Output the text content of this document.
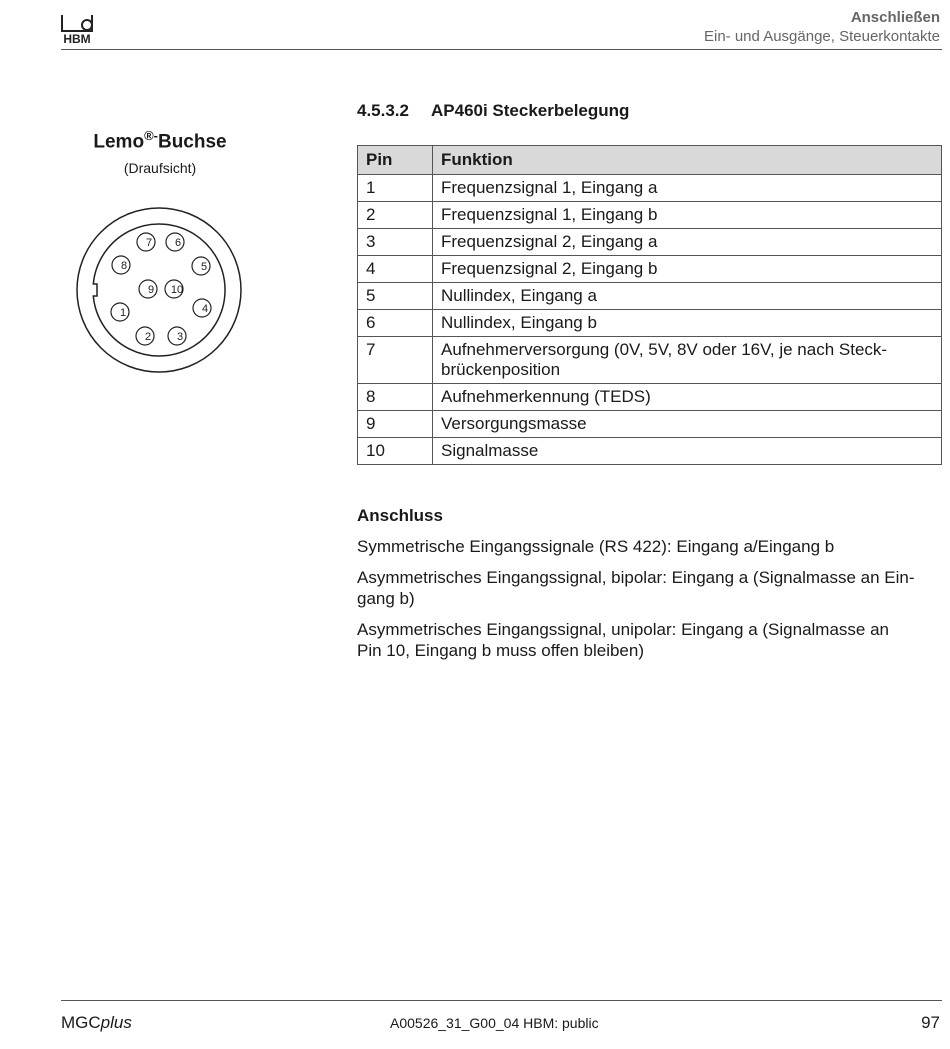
HBM
Anschließen
Ein- und Ausgänge, Steuerkontakte
Lemo®-Buchse
(Draufsicht)
1
2 3
4
5
6
7
8
9 10
4.5.3.2 AP460i Steckerbelegung
Pin	Funktion
1	Frequenzsignal 1, Eingang a
2	Frequenzsignal 1, Eingang b
3	Frequenzsignal 2, Eingang a
4	Frequenzsignal 2, Eingang b
5	Nullindex, Eingang a
6	Nullindex, Eingang b
7	Aufnehmerversorgung (0V, 5V, 8V oder 16V, je nach Steck-
brückenposition
8	Aufnehmerkennung (TEDS)
9	Versorgungsmasse
10	Signalmasse
Anschluss

Symmetrische Eingangssignale (RS 422): Eingang a/Eingang b

Asymmetrisches Eingangssignal, bipolar: Eingang a (Signalmasse an Ein-
gang b)

Asymmetrisches Eingangssignal, unipolar: Eingang a (Signalmasse an
Pin 10, Eingang b muss offen bleiben)

MGCplus	A00526_31_G00_04 HBM: public	97
